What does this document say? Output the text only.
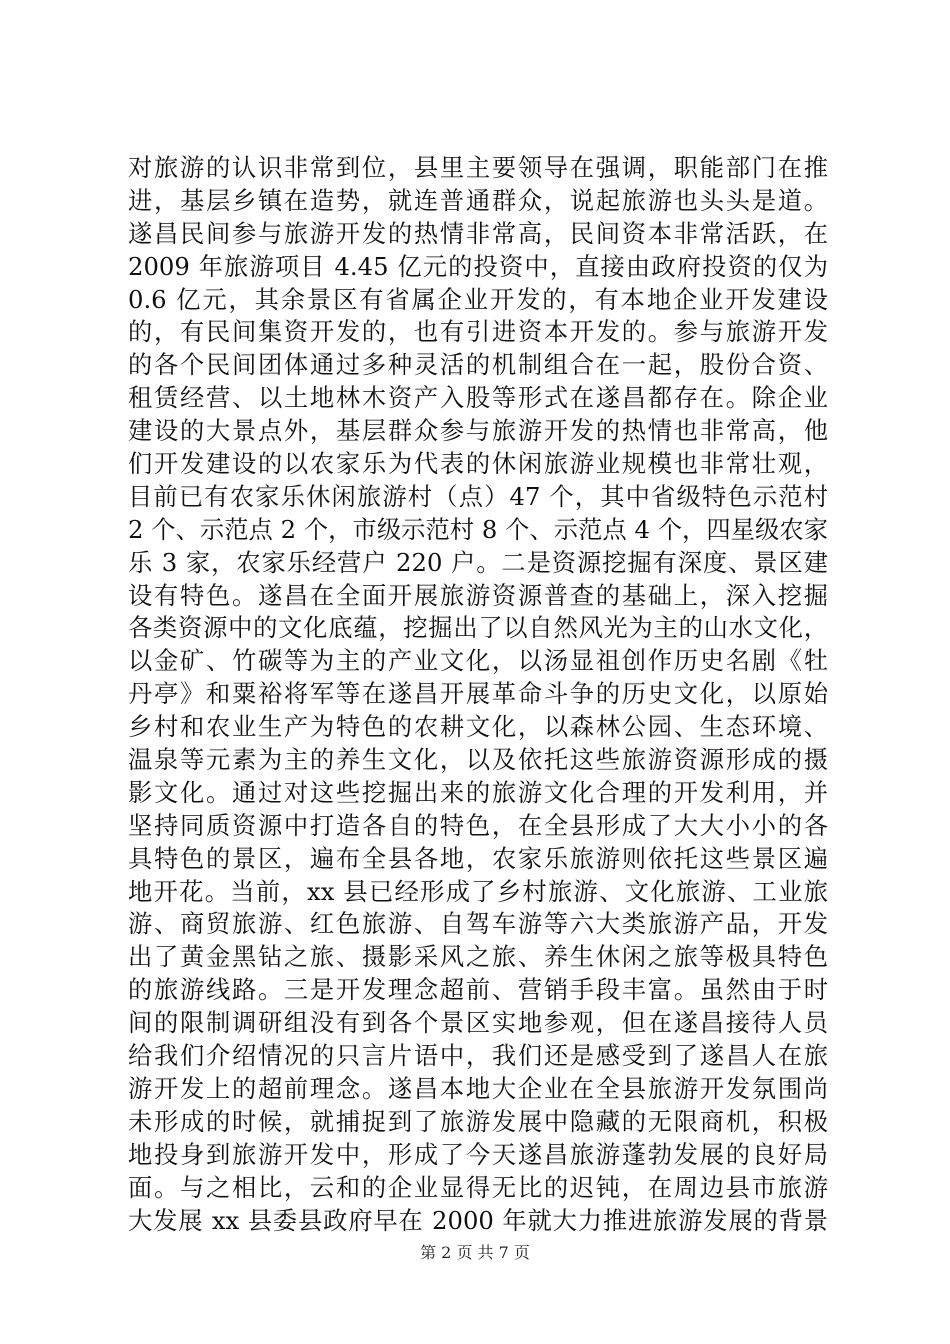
对旅游的认识非常到位，县里主要领导在强调，职能部门在推
进，基层乡镇在造势，就连普通群众，说起旅游也头头是道。
遂昌民间参与旅游开发的热情非常高，民间资本非常活跃，在
2009 年旅游项目 4.45 亿元的投资中，直接由政府投资的仅为
0.6 亿元，其余景区有省属企业开发的，有本地企业开发建设
的，有民间集资开发的，也有引进资本开发的。参与旅游开发
的各个民间团体通过多种灵活的机制组合在一起，股份合资、
租赁经营、以土地林木资产入股等形式在遂昌都存在。除企业
建设的大景点外，基层群众参与旅游开发的热情也非常高，他
们开发建设的以农家乐为代表的休闲旅游业规模也非常壮观，
目前已有农家乐休闲旅游村（点）47 个，其中省级特色示范村
2 个、示范点 2 个，市级示范村 8 个、示范点 4 个，四星级农家
乐 3 家，农家乐经营户 220 户。二是资源挖掘有深度、景区建
设有特色。遂昌在全面开展旅游资源普查的基础上，深入挖掘
各类资源中的文化底蕴，挖掘出了以自然风光为主的山水文化，
以金矿、竹碳等为主的产业文化，以汤显祖创作历史名剧《牡
丹亭》和粟裕将军等在遂昌开展革命斗争的历史文化，以原始
乡村和农业生产为特色的农耕文化，以森林公园、生态环境、
温泉等元素为主的养生文化，以及依托这些旅游资源形成的摄
影文化。通过对这些挖掘出来的旅游文化合理的开发利用，并
坚持同质资源中打造各自的特色，在全县形成了大大小小的各
具特色的景区，遍布全县各地，农家乐旅游则依托这些景区遍
地开花。当前，xx 县已经形成了乡村旅游、文化旅游、工业旅
游、商贸旅游、红色旅游、自驾车游等六大类旅游产品，开发
出了黄金黑钻之旅、摄影采风之旅、养生休闲之旅等极具特色
的旅游线路。三是开发理念超前、营销手段丰富。虽然由于时
间的限制调研组没有到各个景区实地参观，但在遂昌接待人员
给我们介绍情况的只言片语中，我们还是感受到了遂昌人在旅
游开发上的超前理念。遂昌本地大企业在全县旅游开发氛围尚
未形成的时候，就捕捉到了旅游发展中隐藏的无限商机，积极
地投身到旅游开发中，形成了今天遂昌旅游蓬勃发展的良好局
面。与之相比，云和的企业显得无比的迟钝，在周边县市旅游
大发展 xx 县委县政府早在 2000 年就大力推进旅游发展的背景
第 2 页 共 7 页
